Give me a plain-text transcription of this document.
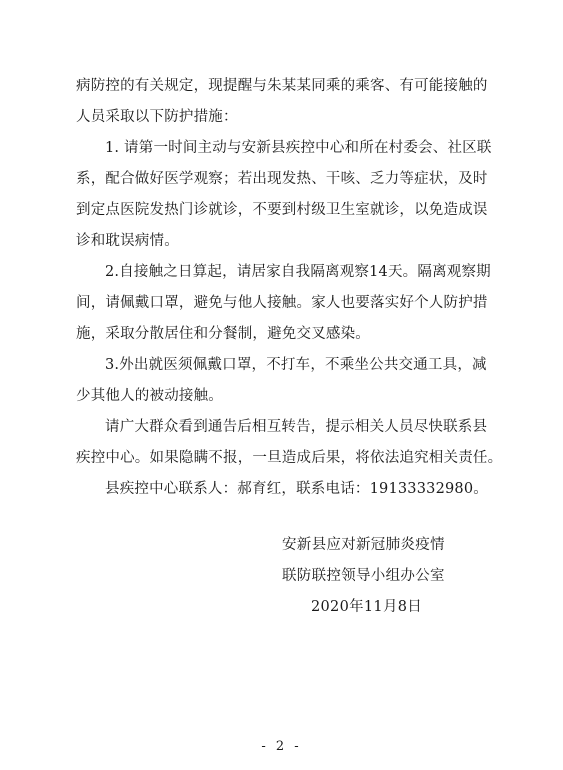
病防控的有关规定，现提醒与朱某某同乘的乘客、有可能接触的
人员采取以下防护措施：
1. 请第一时间主动与安新县疾控中心和所在村委会、社区联
系，配合做好医学观察；若出现发热、干咳、乏力等症状，及时
到定点医院发热门诊就诊，不要到村级卫生室就诊，以免造成误
诊和耽误病情。
2.自接触之日算起，请居家自我隔离观察14天。隔离观察期
间，请佩戴口罩，避免与他人接触。家人也要落实好个人防护措
施，采取分散居住和分餐制，避免交叉感染。
3.外出就医须佩戴口罩，不打车，不乘坐公共交通工具，减
少其他人的被动接触。
请广大群众看到通告后相互转告，提示相关人员尽快联系县
疾控中心。如果隐瞒不报，一旦造成后果，将依法追究相关责任。
县疾控中心联系人：郝育红，联系电话：19133332980。
安新县应对新冠肺炎疫情
联防联控领导小组办公室
2020年11月8日
- 2 -
